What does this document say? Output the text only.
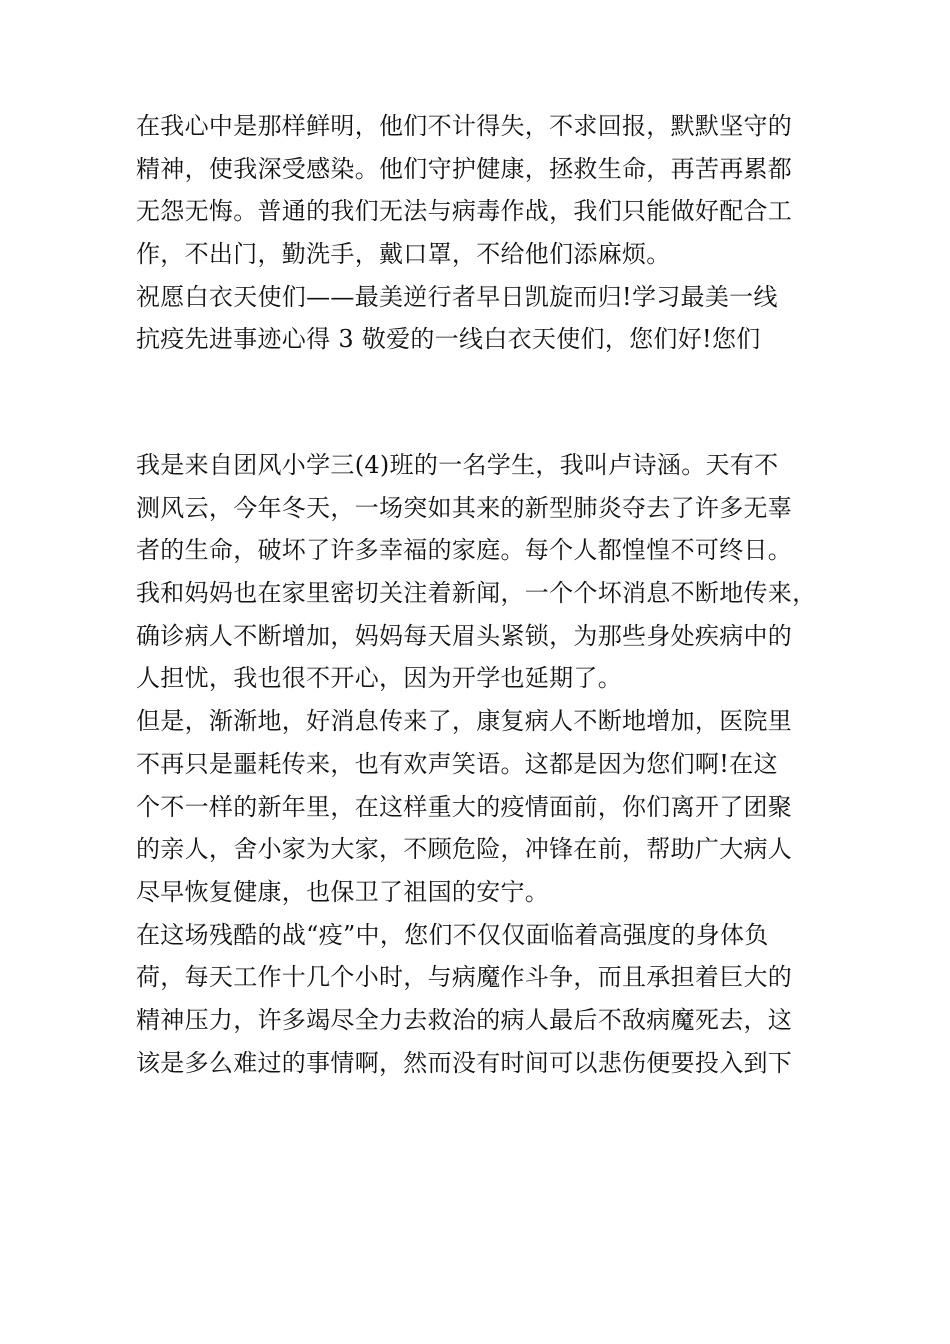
在我心中是那样鲜明，他们不计得失，不求回报，默默坚守的
精神，使我深受感染。他们守护健康，拯救生命，再苦再累都
无怨无悔。普通的我们无法与病毒作战，我们只能做好配合工
作，不出门，勤洗手，戴口罩，不给他们添麻烦。
祝愿白衣天使们——最美逆行者早日凯旋而归!学习最美一线
抗疫先进事迹心得 3 敬爱的一线白衣天使们，您们好!您们
我是来自团风小学三(4)班的一名学生，我叫卢诗涵。天有不
测风云，今年冬天，一场突如其来的新型肺炎夺去了许多无辜
者的生命，破坏了许多幸福的家庭。每个人都惶惶不可终日。
我和妈妈也在家里密切关注着新闻，一个个坏消息不断地传来，
确诊病人不断增加，妈妈每天眉头紧锁，为那些身处疾病中的
人担忧，我也很不开心，因为开学也延期了。
但是，渐渐地，好消息传来了，康复病人不断地增加，医院里
不再只是噩耗传来，也有欢声笑语。这都是因为您们啊!在这
个不一样的新年里，在这样重大的疫情面前，你们离开了团聚
的亲人，舍小家为大家，不顾危险，冲锋在前，帮助广大病人
尽早恢复健康，也保卫了祖国的安宁。
在这场残酷的战“疫”中，您们不仅仅面临着高强度的身体负
荷，每天工作十几个小时，与病魔作斗争，而且承担着巨大的
精神压力，许多竭尽全力去救治的病人最后不敌病魔死去，这
该是多么难过的事情啊，然而没有时间可以悲伤便要投入到下
